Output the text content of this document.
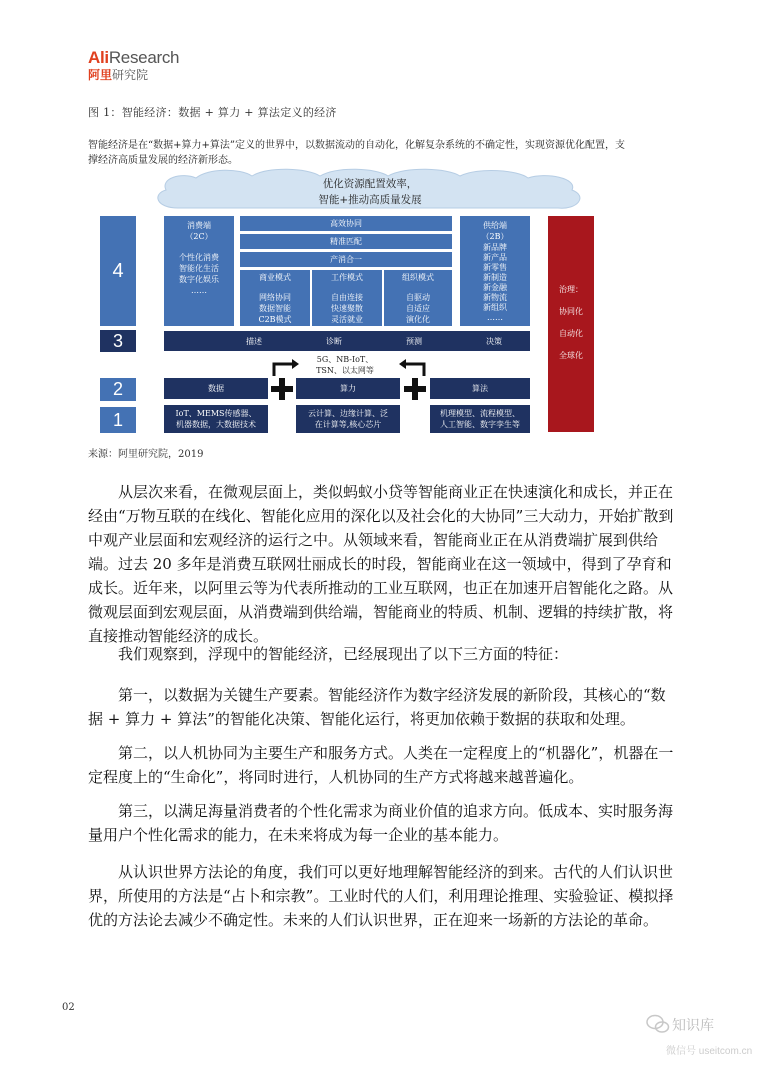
AliResearch
阿里研究院
图 1：智能经济：数据 + 算力 + 算法定义的经济
智能经济是在“数据+算力+算法”定义的世界中，以数据流动的自动化，化解复杂系统的不确定性，实现资源优化配置，支撑经济高质量发展的经济新形态。
优化资源配置效率，
智能+推动高质量发展
4
3
2
1
消费端
（2C）
个性化消费
智能化生活
数字化娱乐
……
高效协同
精准匹配
产消合一
商业模式
网络协同
数据智能
C2B模式
工作模式
自由连接
快速聚散
灵活就业
组织模式
自驱动
自适应
演化化
供给端
（2B）
新品牌
新产品
新零售
新制造
新金融
新物流
新组织
……
治理：
协同化
自动化
全球化
描述	诊断	预测	决策
5G、NB-IoT、
TSN、以太网等
数据	算力	算法
IoT、MEMS传感器、
机器数据，大数据技术
云计算、边缘计算、泛
在计算等,核心芯片
机理模型、流程模型、
人工智能、数字孪生等
来源：阿里研究院，2019
从层次来看，在微观层面上，类似蚂蚁小贷等智能商业正在快速演化和成长，并正在经由“万物互联的在线化、智能化应用的深化以及社会化的大协同”三大动力，开始扩散到中观产业层面和宏观经济的运行之中。从领域来看，智能商业正在从消费端扩展到供给端。过去 20 多年是消费互联网壮丽成长的时段，智能商业在这一领域中，得到了孕育和成长。近年来，以阿里云等为代表所推动的工业互联网，也正在加速开启智能化之路。从微观层面到宏观层面，从消费端到供给端，智能商业的特质、机制、逻辑的持续扩散，将直接推动智能经济的成长。
我们观察到，浮现中的智能经济，已经展现出了以下三方面的特征：
第一，以数据为关键生产要素。智能经济作为数字经济发展的新阶段，其核心的“数据 + 算力 + 算法”的智能化决策、智能化运行，将更加依赖于数据的获取和处理。
第二，以人机协同为主要生产和服务方式。人类在一定程度上的“机器化”，机器在一定程度上的“生命化”，将同时进行，人机协同的生产方式将越来越普遍化。
第三，以满足海量消费者的个性化需求为商业价值的追求方向。低成本、实时服务海量用户个性化需求的能力，在未来将成为每一企业的基本能力。
从认识世界方法论的角度，我们可以更好地理解智能经济的到来。古代的人们认识世界，所使用的方法是“占卜和宗教”。工业时代的人们，利用理论推理、实验验证、模拟择优的方法论去减少不确定性。未来的人们认识世界，正在迎来一场新的方法论的革命。
02
知识库
微信号 useitcom.cn
